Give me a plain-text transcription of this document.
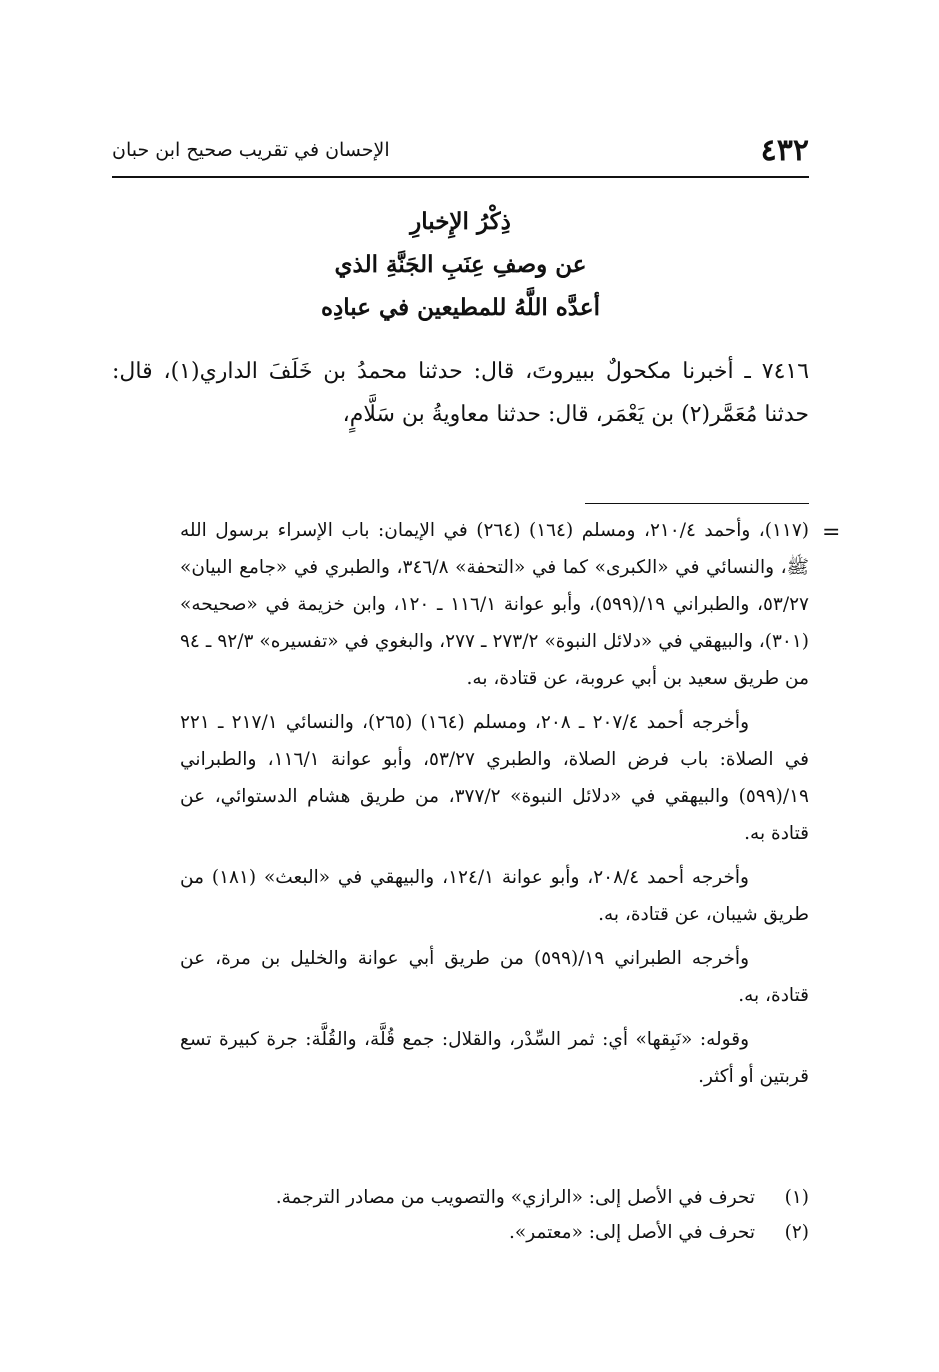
٤٣٢
الإحسان في تقريب صحيح ابن حبان
ذِكْرُ الإِخبارِ
عن وصفِ عِنَبِ الجَنَّةِ الذي
أعدَّه اللَّهُ للمطيعين في عبادِه
٧٤١٦ ـ أخبرنا مكحولٌ ببيروتَ، قال: حدثنا محمدُ بن خَلَفَ الداري(١)، قال: حدثنا مُعَمَّر(٢) بن يَعْمَر، قال: حدثنا معاويةُ بن سَلَّامٍ،
=

(١١٧)، وأحمد ٢١٠/٤، ومسلم (١٦٤) (٢٦٤) في الإيمان: باب الإسراء برسول الله ﷺ، والنسائي في «الكبرى» كما في «التحفة» ٣٤٦/٨، والطبري في «جامع البيان» ٥٣/٢٧، والطبراني ١٩/(٥٩٩)، وأبو عوانة ١١٦/١ ـ ١٢٠، وابن خزيمة في «صحيحه» (٣٠١)، والبيهقي في «دلائل النبوة» ٢٧٣/٢ ـ ٢٧٧، والبغوي في «تفسيره» ٩٢/٣ ـ ٩٤ من طريق سعيد بن أبي عروبة، عن قتادة، به.

وأخرجه أحمد ٢٠٧/٤ ـ ٢٠٨، ومسلم (١٦٤) (٢٦٥)، والنسائي ٢١٧/١ ـ ٢٢١ في الصلاة: باب فرض الصلاة، والطبري ٥٣/٢٧، وأبو عوانة ١١٦/١، والطبراني ١٩/(٥٩٩) والبيهقي في «دلائل النبوة» ٣٧٧/٢، من طريق هشام الدستوائي، عن قتادة به.

وأخرجه أحمد ٢٠٨/٤، وأبو عوانة ١٢٤/١، والبيهقي في «البعث» (١٨١) من طريق شيبان، عن قتادة، به.

وأخرجه الطبراني ١٩/(٥٩٩) من طريق أبي عوانة والخليل بن مرة، عن قتادة، به.

وقوله: «نَبِقها» أي: ثمر السِّدْر، والقلال: جمع قُلَّة، والقُلَّة: جرة كبيرة تسع قربتين أو أكثر.

(١)
تحرف في الأصل إلى: «الرازي» والتصويب من مصادر الترجمة.
(٢)
تحرف في الأصل إلى: «معتمر».
